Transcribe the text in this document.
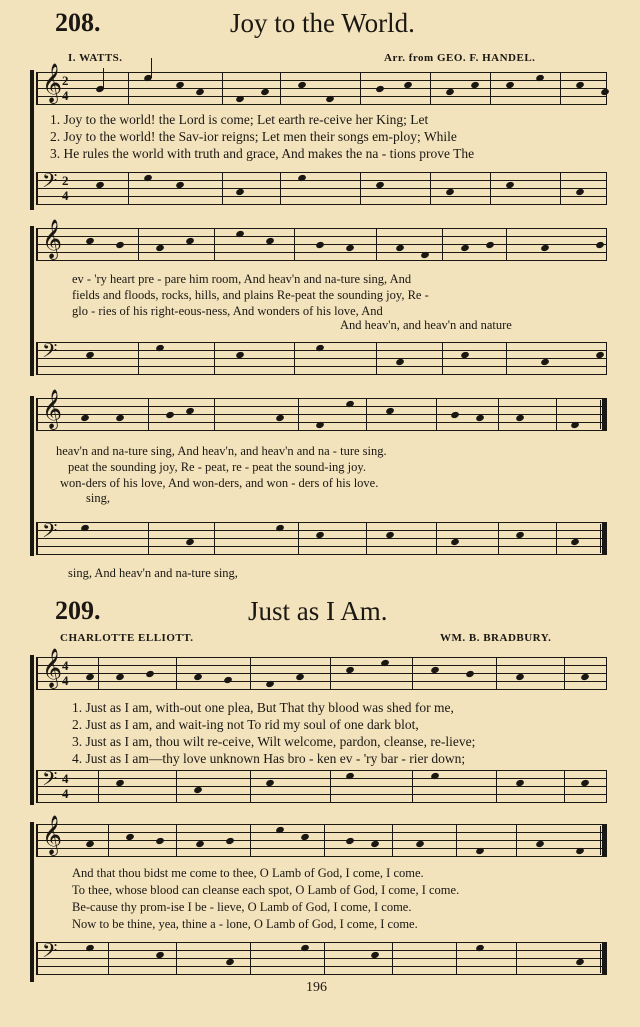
208.	Joy to the World.
I. WATTS.	Arr. from GEO. F. HANDEL.
𝄞 2
4
1. Joy to the world! the Lord is come; Let earth re-ceive her King; Let
2. Joy to the world! the Sav-ior reigns; Let men their songs em-ploy; While
3. He rules the world with truth and grace, And makes the na - tions prove The
𝄢 2
4
𝄞
ev - 'ry heart pre - pare him room, And heav'n and na-ture sing, And
fields and floods, rocks, hills, and plains Re-peat the sounding joy, Re -
glo - ries of his right-eous-ness, And wonders of his love, And
And heav'n, and heav'n and nature
𝄢
𝄞
heav'n and na-ture sing, And heav'n, and heav'n and na - ture sing.
peat the sounding joy, Re - peat, re - peat the sound-ing joy.
won-ders of his love, And won-ders, and won - ders of his love.
sing,
𝄢
sing, And heav'n and na-ture sing,
209.	Just as I Am.
CHARLOTTE ELLIOTT.	WM. B. BRADBURY.
𝄞 4
4
1. Just as I am, with-out one plea, But That thy blood was shed for me,
2. Just as I am, and wait-ing not To rid my soul of one dark blot,
3. Just as I am, thou wilt re-ceive, Wilt welcome, pardon, cleanse, re-lieve;
4. Just as I am—thy love unknown Has bro - ken ev - 'ry bar - rier down;
𝄢 4
4
𝄞
And that thou bidst me come to thee, O Lamb of God, I come, I come.
To thee, whose blood can cleanse each spot, O Lamb of God, I come, I come.
Be-cause thy prom-ise I be - lieve, O Lamb of God, I come, I come.
Now to be thine, yea, thine a - lone, O Lamb of God, I come, I come.
𝄢
196
